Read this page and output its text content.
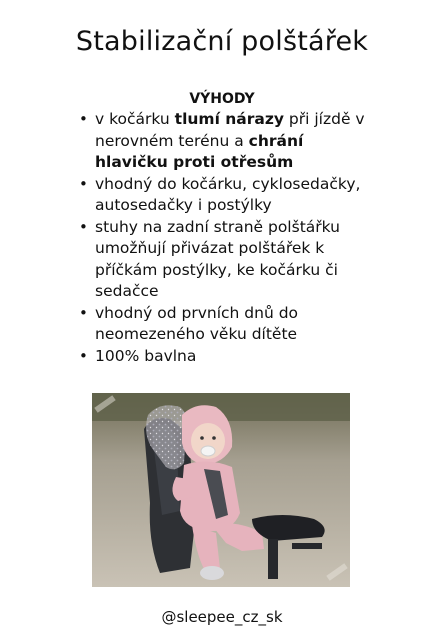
Stabilizační polštářek
VÝHODY
• v kočárku tlumí nárazy při jízdě v nerovném terénu a chrání hlavičku proti otřesům
• vhodný do kočárku, cyklosedačky, autosedačky i postýlky
• stuhy na zadní straně polštářku umožňují přivázat polštářek k příčkám postýlky, ke kočárku či sedačce
• vhodný od prvních dnů do neomezeného věku dítěte
• 100% bavlna

@sleepee_cz_sk
